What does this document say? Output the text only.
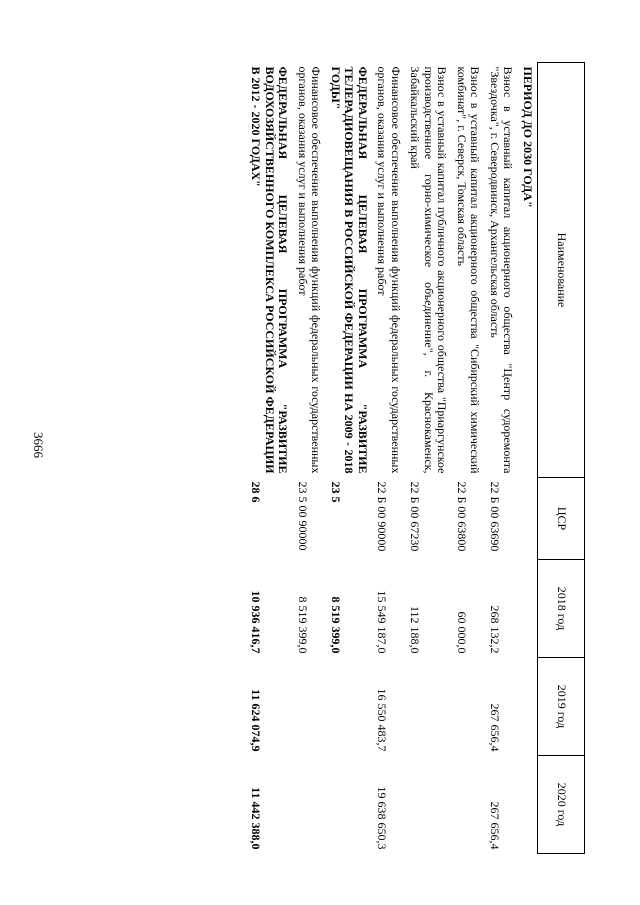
3666
Наименование	ЦСР	2018 год	2019 год	2020 год
ПЕРИОД ДО 2030 ГОДА"				
Взнос в уставный капитал акционерного общества "Центр судоремонта "Звездочка", г. Северодвинск, Архангельская область	22 Б 00 63690	268 132,2	267 656,4	267 656,4
Взнос в уставный капитал акционерного общества "Сибирский химический комбинат", г. Северск, Томская область	22 Б 00 63800	60 000,0		
Взнос в уставный капитал публичного акционерного общества "Приаргунское производственное горно-химическое объединение", г. Краснокаменск, Забайкальский край	22 Б 00 67230	112 188,0		
Финансовое обеспечение выполнения функций федеральных государственных органов, оказания услуг и выполнения работ	22 Б 00 90000	15 549 187,0	16 550 483,7	19 638 650,3
ФЕДЕРАЛЬНАЯ ЦЕЛЕВАЯ ПРОГРАММА "РАЗВИТИЕ ТЕЛЕРАДИОВЕЩАНИЯ В РОССИЙСКОЙ ФЕДЕРАЦИИ НА 2009 - 2018 ГОДЫ"	23 5	8 519 399,0		
Финансовое обеспечение выполнения функций федеральных государственных органов, оказания услуг и выполнения работ	23 5 00 90000	8 519 399,0		
ФЕДЕРАЛЬНАЯ ЦЕЛЕВАЯ ПРОГРАММА "РАЗВИТИЕ ВОДОХОЗЯЙСТВЕННОГО КОМПЛЕКСА РОССИЙСКОЙ ФЕДЕРАЦИИ В 2012 - 2020 ГОДАХ"	28 6	10 936 416,7	11 624 074,9	11 442 388,0
